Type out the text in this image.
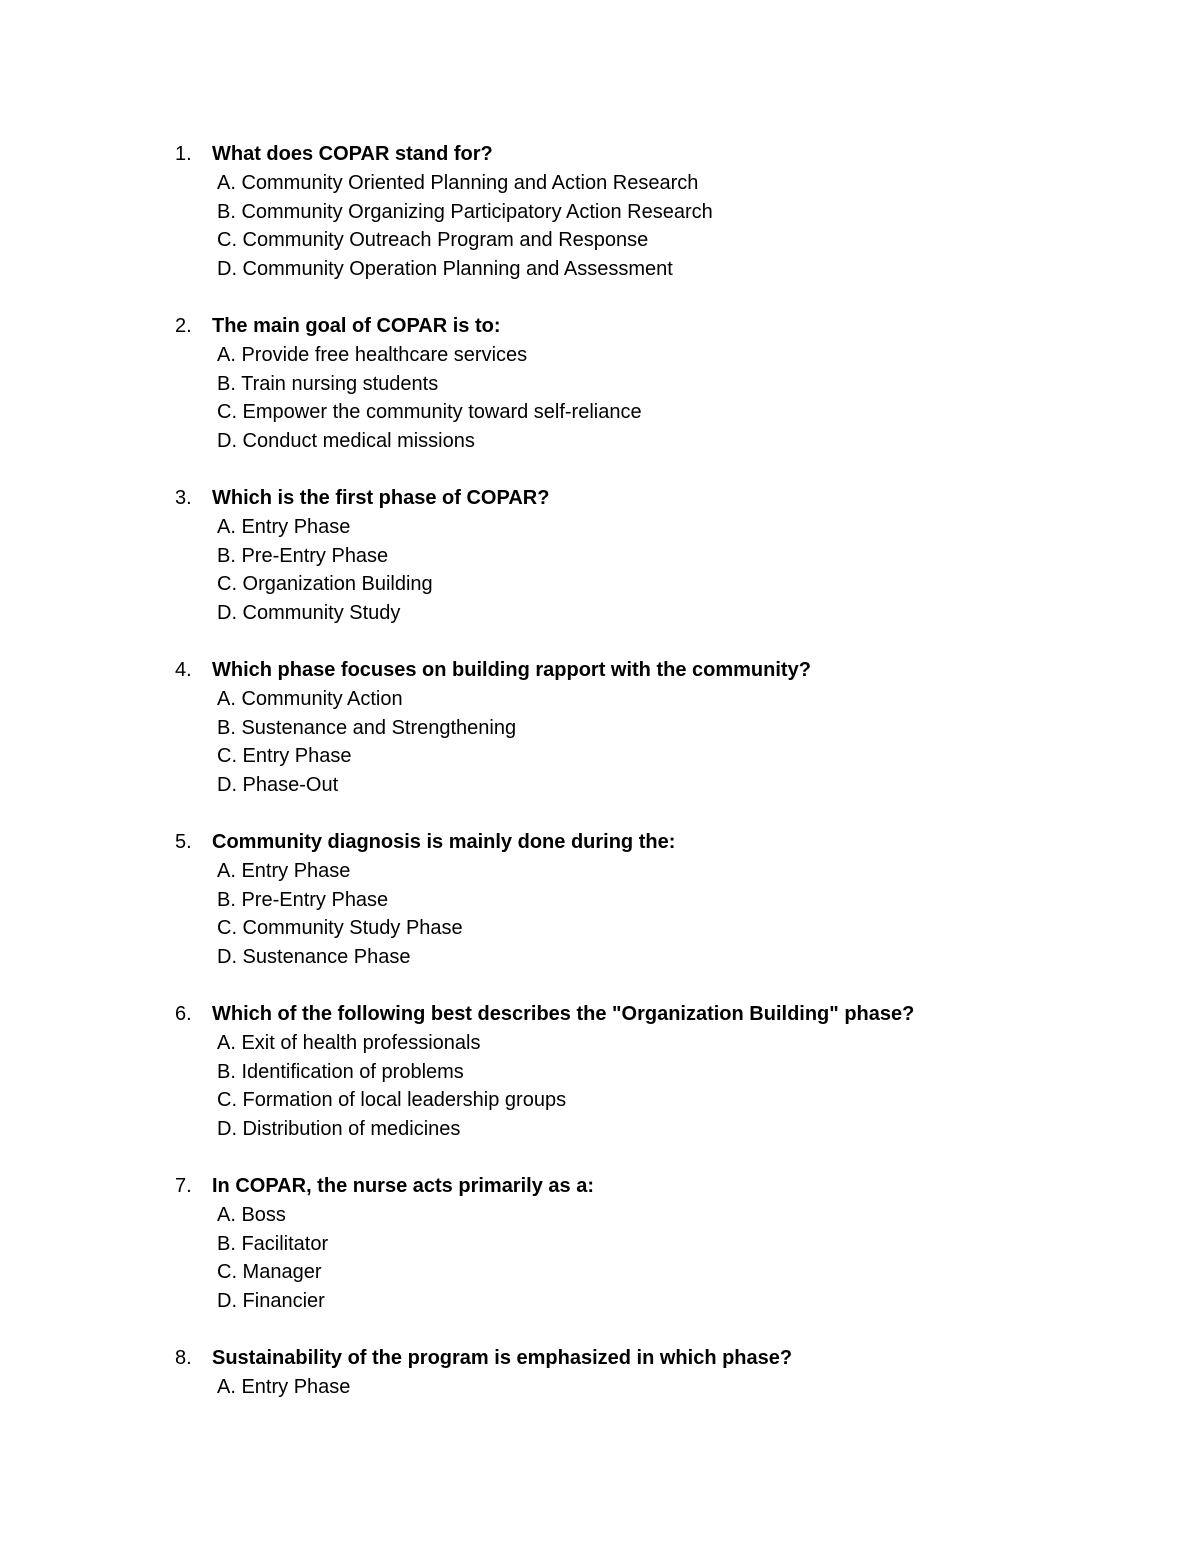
1. What does COPAR stand for?
A. Community Oriented Planning and Action Research
B. Community Organizing Participatory Action Research
C. Community Outreach Program and Response
D. Community Operation Planning and Assessment
2. The main goal of COPAR is to:
A. Provide free healthcare services
B. Train nursing students
C. Empower the community toward self-reliance
D. Conduct medical missions
3. Which is the first phase of COPAR?
A. Entry Phase
B. Pre-Entry Phase
C. Organization Building
D. Community Study
4. Which phase focuses on building rapport with the community?
A. Community Action
B. Sustenance and Strengthening
C. Entry Phase
D. Phase-Out
5. Community diagnosis is mainly done during the:
A. Entry Phase
B. Pre-Entry Phase
C. Community Study Phase
D. Sustenance Phase
6. Which of the following best describes the "Organization Building" phase?
A. Exit of health professionals
B. Identification of problems
C. Formation of local leadership groups
D. Distribution of medicines
7. In COPAR, the nurse acts primarily as a:
A. Boss
B. Facilitator
C. Manager
D. Financier
8. Sustainability of the program is emphasized in which phase?
A. Entry Phase
